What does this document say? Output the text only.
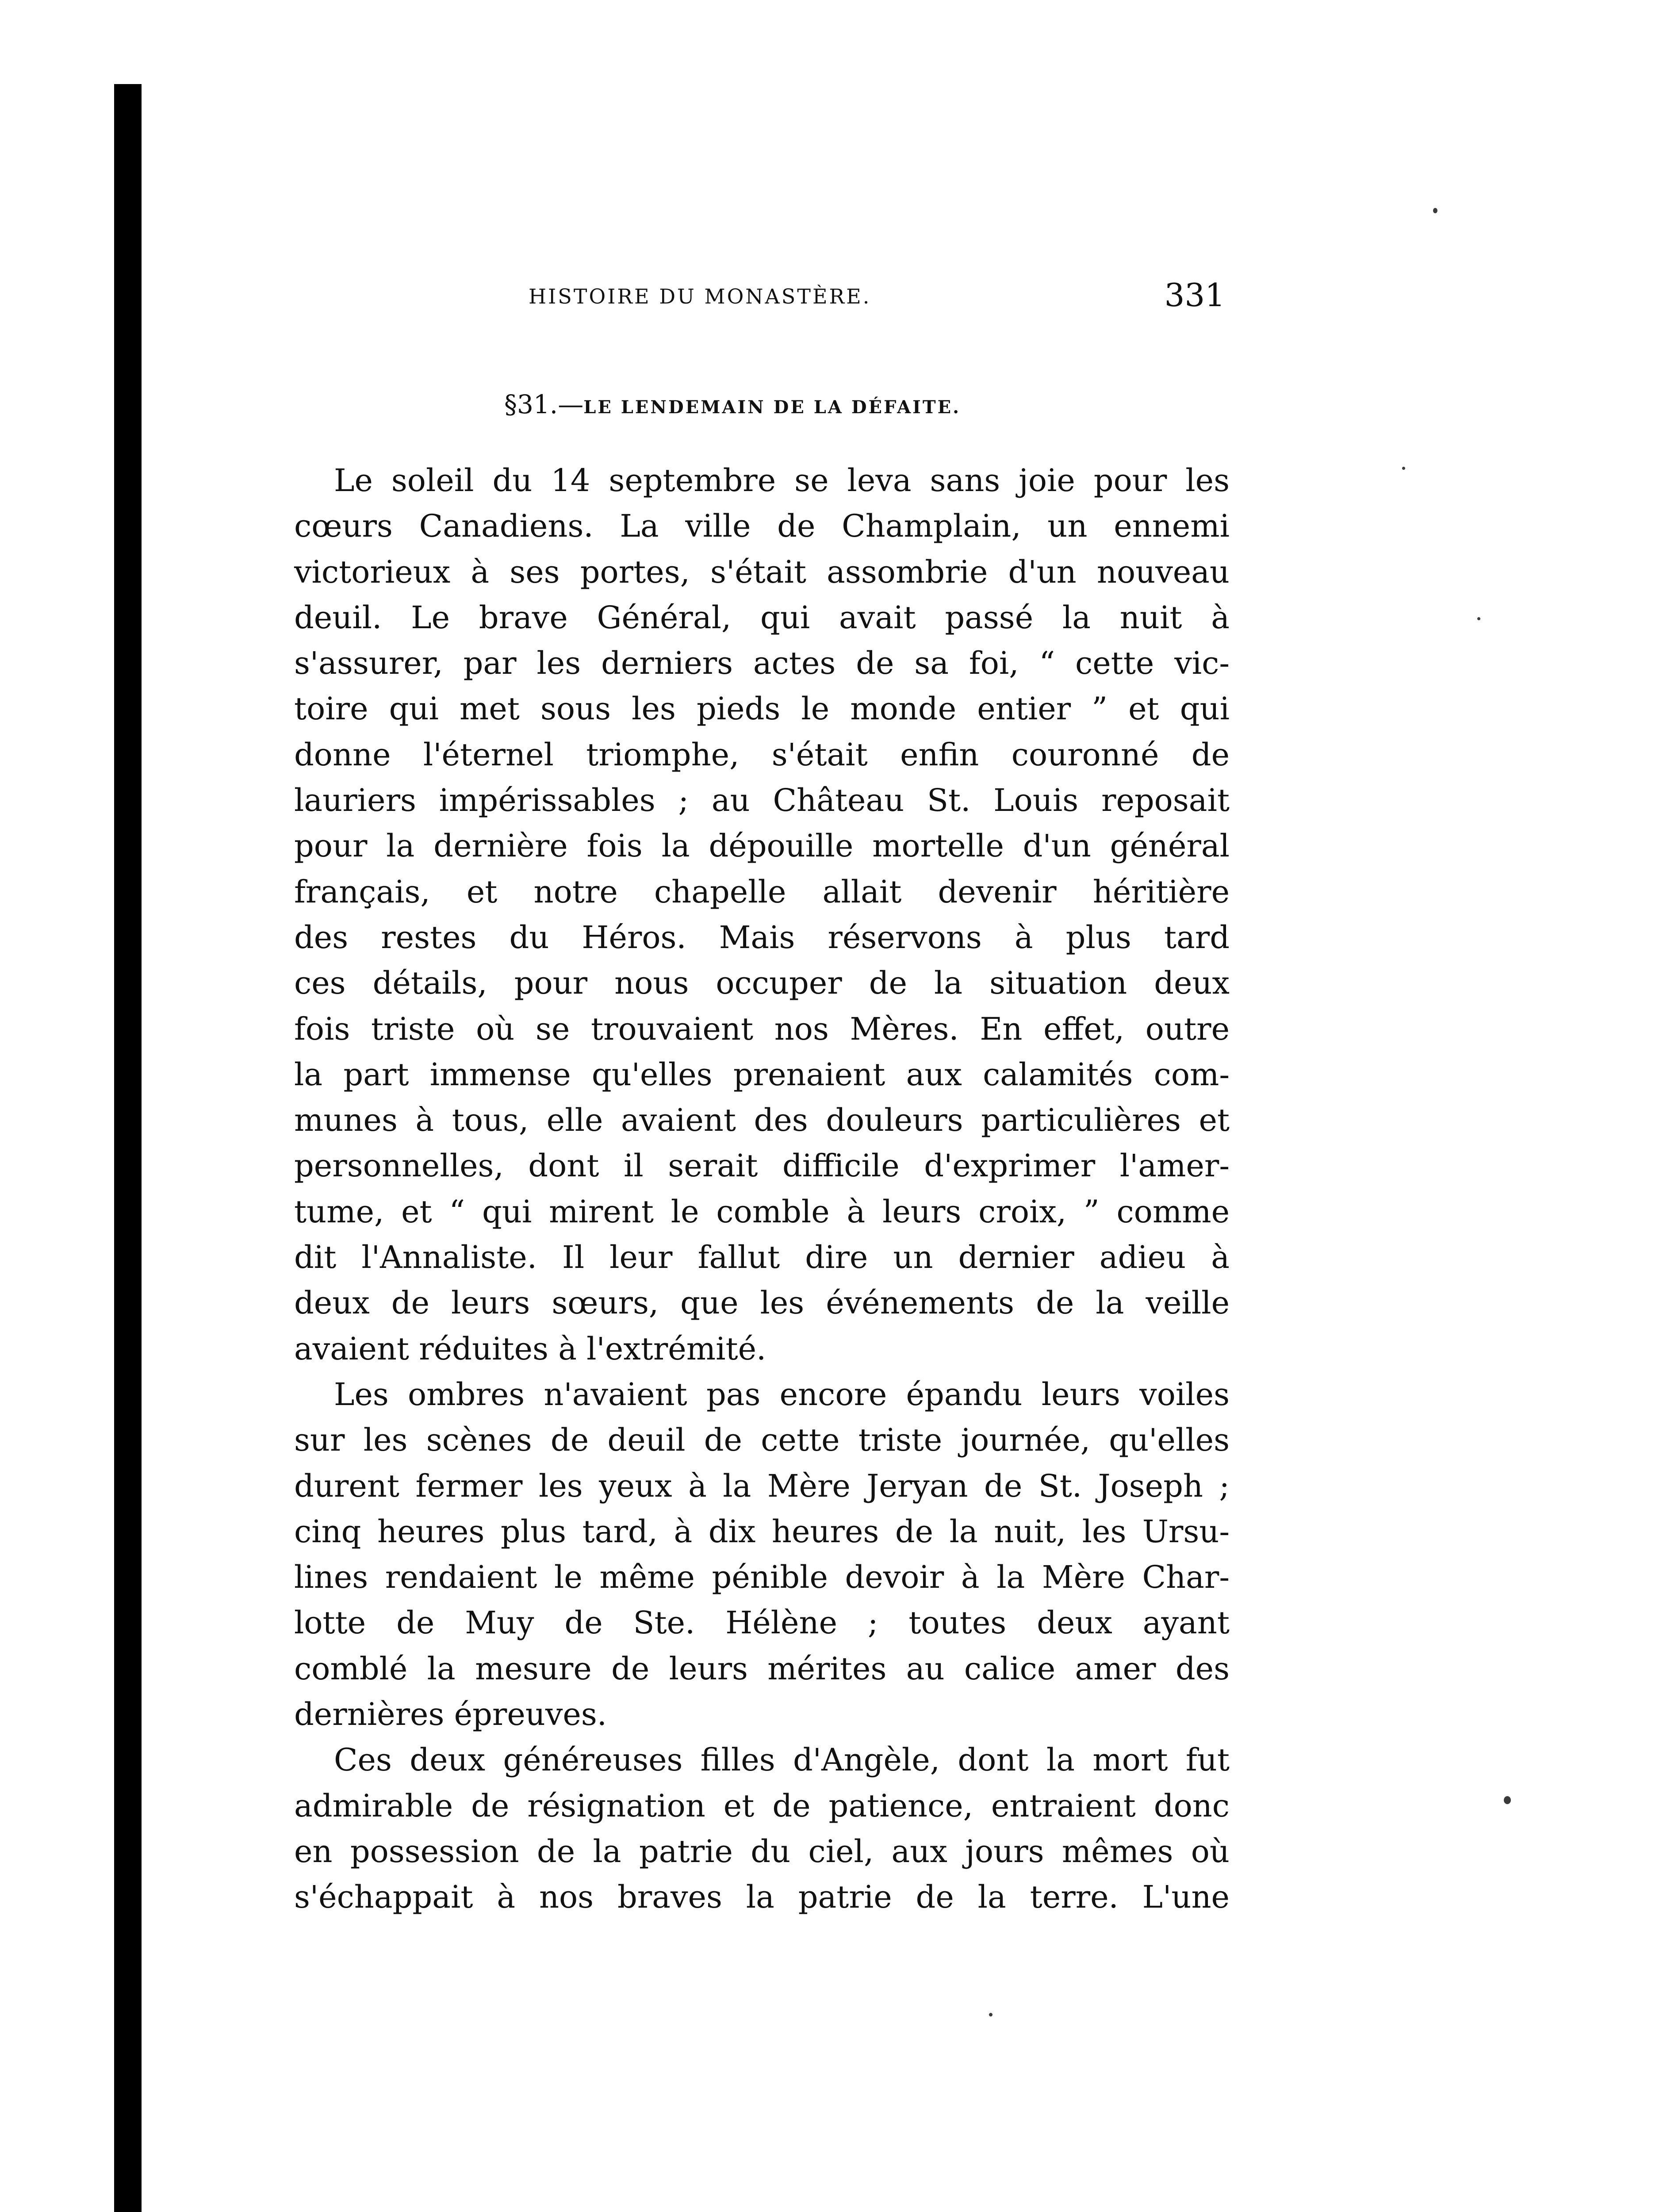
HISTOIRE DU MONASTÈRE.	331
§31.—LE LENDEMAIN DE LA DÉFAITE.
Le soleil du 14 septembre se leva sans joie pour les
cœurs Canadiens. La ville de Champlain, un ennemi
victorieux à ses portes, s'était assombrie d'un nouveau
deuil. Le brave Général, qui avait passé la nuit à
s'assurer, par les derniers actes de sa foi, “ cette vic-
toire qui met sous les pieds le monde entier ” et qui
donne l'éternel triomphe, s'était enfin couronné de
lauriers impérissables ; au Château St. Louis reposait
pour la dernière fois la dépouille mortelle d'un général
français, et notre chapelle allait devenir héritière
des restes du Héros. Mais réservons à plus tard
ces détails, pour nous occuper de la situation deux
fois triste où se trouvaient nos Mères. En effet, outre
la part immense qu'elles prenaient aux calamités com-
munes à tous, elle avaient des douleurs particulières et
personnelles, dont il serait difficile d'exprimer l'amer-
tume, et “ qui mirent le comble à leurs croix, ” comme
dit l'Annaliste. Il leur fallut dire un dernier adieu à
deux de leurs sœurs, que les événements de la veille
avaient réduites à l'extrémité.
Les ombres n'avaient pas encore épandu leurs voiles
sur les scènes de deuil de cette triste journée, qu'elles
durent fermer les yeux à la Mère Jeryan de St. Joseph ;
cinq heures plus tard, à dix heures de la nuit, les Ursu-
lines rendaient le même pénible devoir à la Mère Char-
lotte de Muy de Ste. Hélène ; toutes deux ayant
comblé la mesure de leurs mérites au calice amer des
dernières épreuves.
Ces deux généreuses filles d'Angèle, dont la mort fut
admirable de résignation et de patience, entraient donc
en possession de la patrie du ciel, aux jours mêmes où
s'échappait à nos braves la patrie de la terre. L'une
